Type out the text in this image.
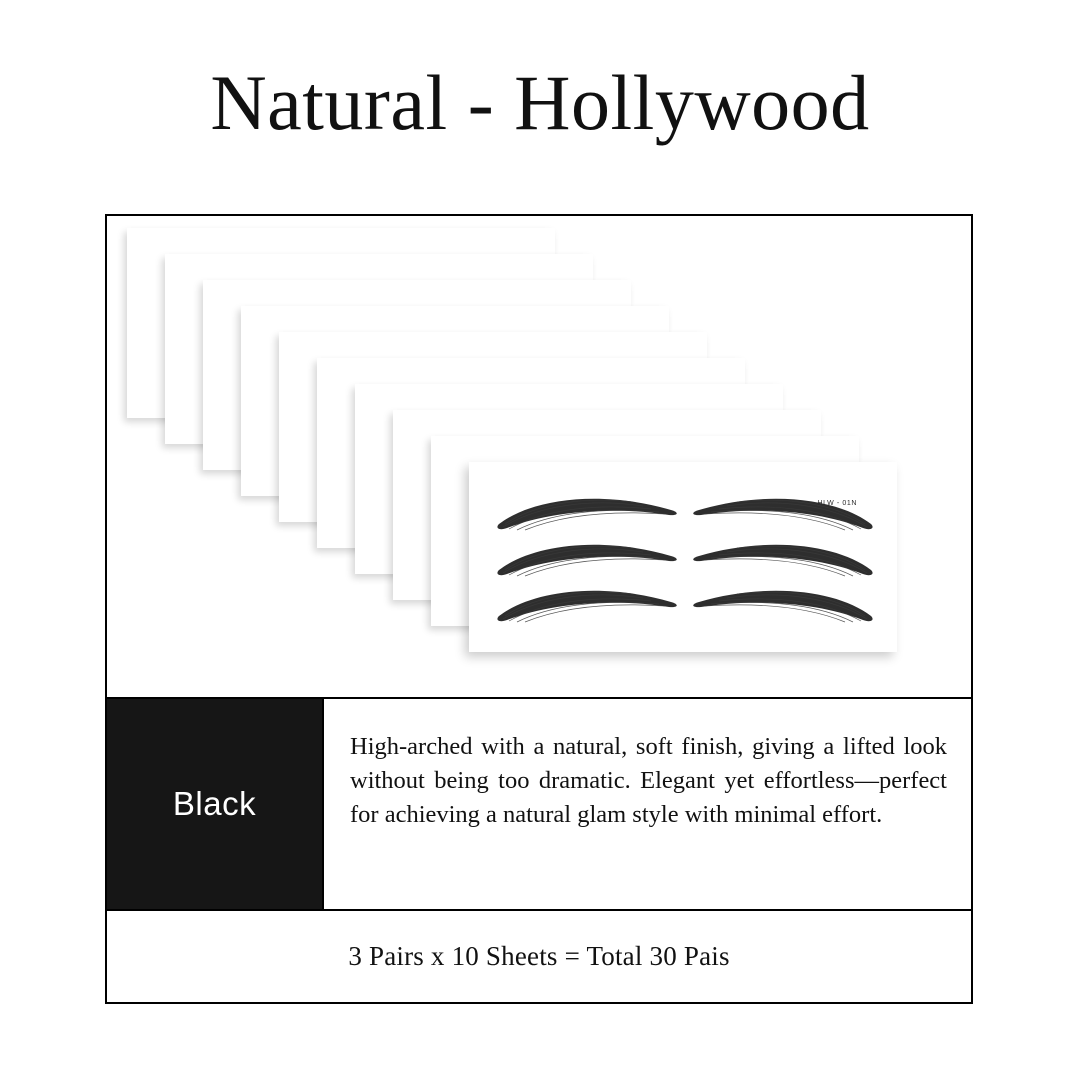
Natural - Hollywood
HLW - 01N
Black

High-arched with a natural, soft finish, giving a lifted look without being too dramatic. Elegant yet effortless—perfect for achieving a natural glam style with minimal effort.

3 Pairs x 10 Sheets = Total 30 Pais
